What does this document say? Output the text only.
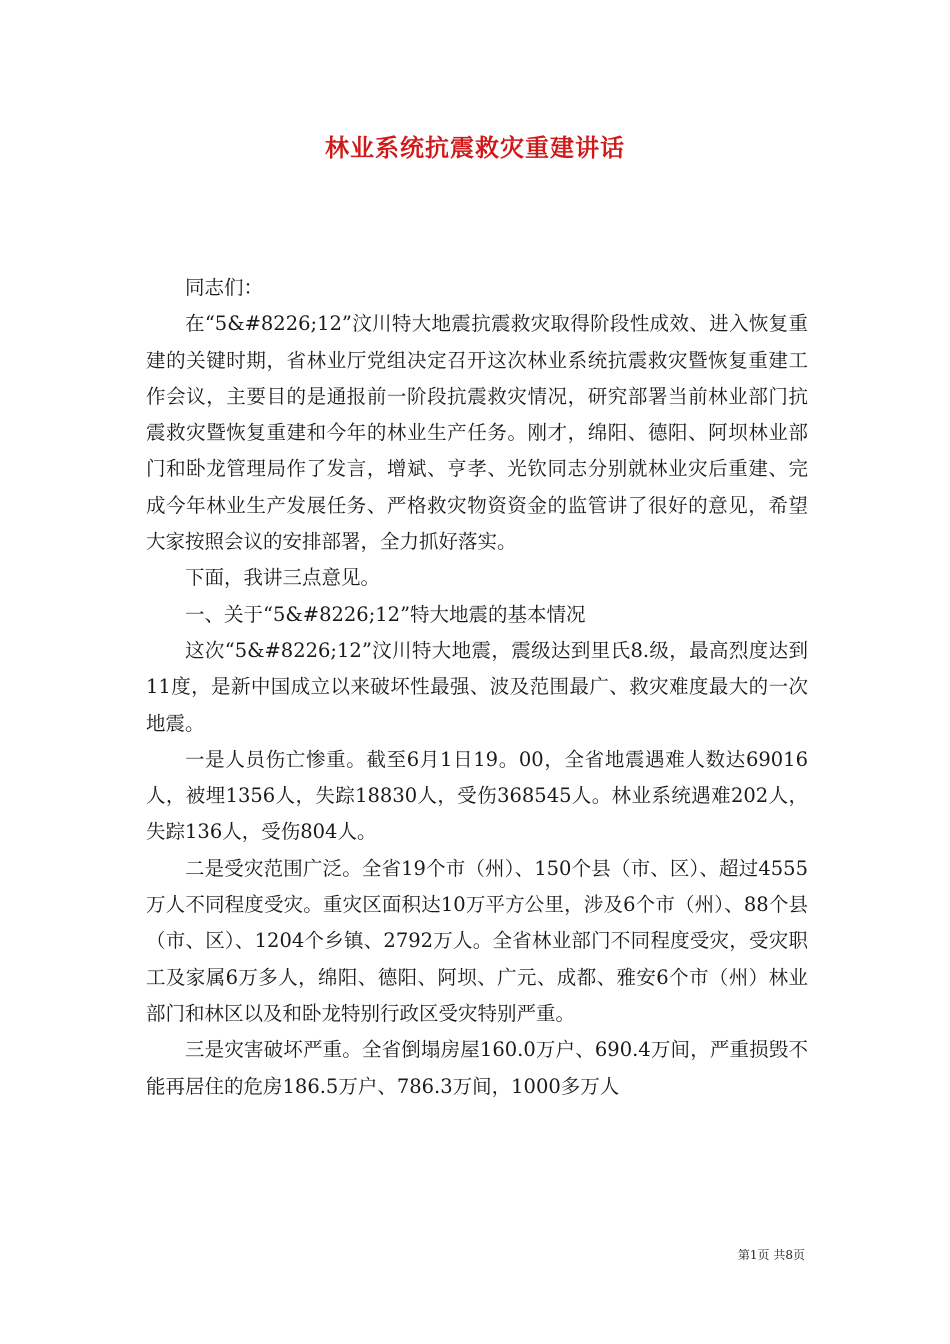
林业系统抗震救灾重建讲话

同志们：

在“5&#8226;12”汶川特大地震抗震救灾取得阶段性成效、进入恢复重建的关键时期，省林业厅党组决定召开这次林业系统抗震救灾暨恢复重建工作会议，主要目的是通报前一阶段抗震救灾情况，研究部署当前林业部门抗震救灾暨恢复重建和今年的林业生产任务。刚才，绵阳、德阳、阿坝林业部门和卧龙管理局作了发言，增斌、亨孝、光钦同志分别就林业灾后重建、完成今年林业生产发展任务、严格救灾物资资金的监管讲了很好的意见，希望大家按照会议的安排部署，全力抓好落实。

下面，我讲三点意见。

一、关于“5&#8226;12”特大地震的基本情况

这次“5&#8226;12”汶川特大地震，震级达到里氏8.级，最高烈度达到11度，是新中国成立以来破坏性最强、波及范围最广、救灾难度最大的一次地震。

一是人员伤亡惨重。截至6月1日19。00，全省地震遇难人数达69016人，被埋1356人，失踪18830人，受伤368545人。林业系统遇难202人，失踪136人，受伤804人。

二是受灾范围广泛。全省19个市（州）、150个县（市、区）、超过4555万人不同程度受灾。重灾区面积达10万平方公里，涉及6个市（州）、88个县（市、区）、1204个乡镇、2792万人。全省林业部门不同程度受灾，受灾职工及家属6万多人，绵阳、德阳、阿坝、广元、成都、雅安6个市（州）林业部门和林区以及和卧龙特别行政区受灾特别严重。

三是灾害破坏严重。全省倒塌房屋160.0万户、690.4万间，严重损毁不能再居住的危房186.5万户、786.3万间，1000多万人

第1页 共8页
